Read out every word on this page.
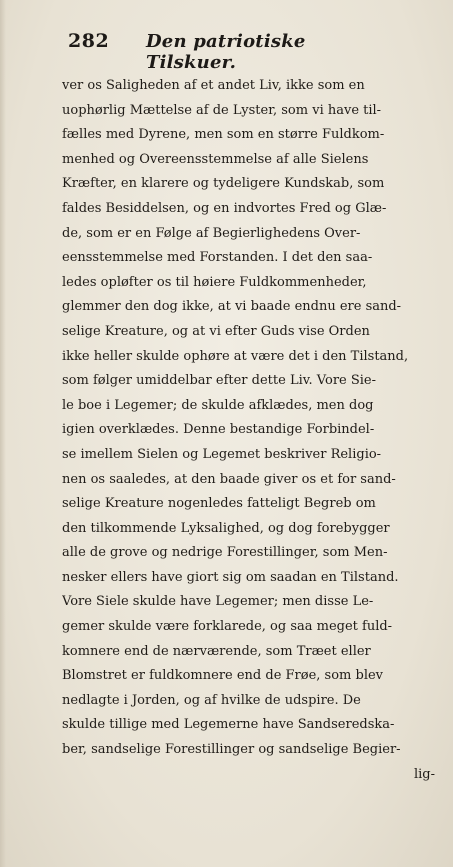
282 Den patriotiske Tilskuer.
ver os Saligheden af et andet Liv, ikke som en
uophørlig Mættelse af de Lyster, som vi have til-
fælles med Dyrene, men som en større Fuldkom-
menhed og Overeensstemmelse af alle Sielens
Kræfter, en klarere og tydeligere Kundskab, som
faldes Besiddelsen, og en indvortes Fred og Glæ-
de, som er en Følge af Begierlighedens Over-
eensstemmelse med Forstanden. I det den saa-
ledes opløfter os til høiere Fuldkommenheder,
glemmer den dog ikke, at vi baade endnu ere sand-
selige Kreature, og at vi efter Guds vise Orden
ikke heller skulde ophøre at være det i den Tilstand,
som følger umiddelbar efter dette Liv. Vore Sie-
le boe i Legemer; de skulde afklædes, men dog
igien overklædes. Denne bestandige Forbindel-
se imellem Sielen og Legemet beskriver Religio-
nen os saaledes, at den baade giver os et for sand-
selige Kreature nogenledes fatteligt Begreb om
den tilkommende Lyksalighed, og dog forebygger
alle de grove og nedrige Forestillinger, som Men-
nesker ellers have giort sig om saadan en Tilstand.
Vore Siele skulde have Legemer; men disse Le-
gemer skulde være forklarede, og saa meget fuld-
komnere end de nærværende, som Træet eller
Blomstret er fuldkomnere end de Frøe, som blev
nedlagte i Jorden, og af hvilke de udspire. De
skulde tillige med Legemerne have Sandseredska-
ber, sandselige Forestillinger og sandselige Begier-
lig-
